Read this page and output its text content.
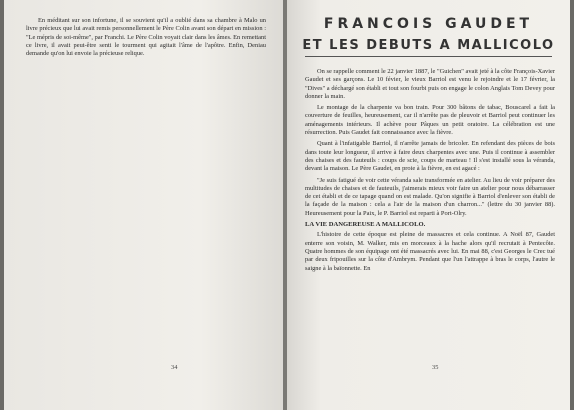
En méditant sur son infortune, il se souvient qu'il a oublié dans sa chambre à Malo un livre précieux que lui avait remis personnellement le Père Colin avant son départ en mission : "Le mépris de soi-même", par Franchi. Le Père Colin voyait clair dans les âmes. En remettant ce livre, il avait peut-être senti le tourment qui agitait l'âme de l'apôtre. Enfin, Deniau demande qu'on lui envoie la précieuse relique.

34
FRANCOIS GAUDET
ET LES DEBUTS A MALLICOLO

On se rappelle comment le 22 janvier 1887, le "Guichen" avait jeté à la côte François-Xavier Gaudet et ses garçons. Le 10 févier, le vieux Barriol est venu le rejoindre et le 17 février, la "Dives" a déchargé son établi et tout son fourbi puis on engage le colon Anglais Tom Devey pour donner la main.

Le montage de la charpente va bon train. Pour 300 bâtons de tabac, Bouscarel a fait la couverture de feuilles, heureusement, car il n'arrête pas de pleuvoir et Barriol peut continuer les aménagements intérieurs. Il achève pour Pâques un petit oratoire. La célébration est une résurrection. Puis Gaudet fait connaissance avec la fièvre.

Quant à l'infatigable Barriol, il n'arrête jamais de bricoler. En refendant des pièces de bois dans toute leur longueur, il arrive à faire deux charpentes avec une. Puis il continue à assembler des chaises et des fauteuils : coups de scie, coups de marteau ! Il s'est installé sous la véranda, devant la maison. Le Père Gaudet, en proie à la fièvre, en est agacé :

"Je suis fatigué de voir cette véranda sale transformée en atelier. Au lieu de voir préparer des multitudes de chaises et de fauteuils, j'aimerais mieux voir faire un atelier pour nous débarrasser de cet établi et de ce tapage quand on est malade. Qu'on signifie à Barriol d'enlever son établi de la façade de la maison : cela a l'air de la maison d'un charron..." (lettre du 30 janvier 88). Heureusement pour la Paix, le P. Barriol est reparti à Port-Olry.

LA VIE DANGEREUSE A MALLICOLO.

L'histoire de cette époque est pleine de massacres et cela continue. A Noël 87, Gaudet enterre son voisin, M. Walker, mis en morceaux à la hache alors qu'il recrutait à Pentecôte. Quatre hommes de son équipage ont été massacrés avec lui. En mai 88, c'est Georges le Crec tué par deux fripouilles sur la côte d'Ambrym. Pendant que l'un l'attrappe à bras le corps, l'autre le saigne à la baïonnette. En

35
